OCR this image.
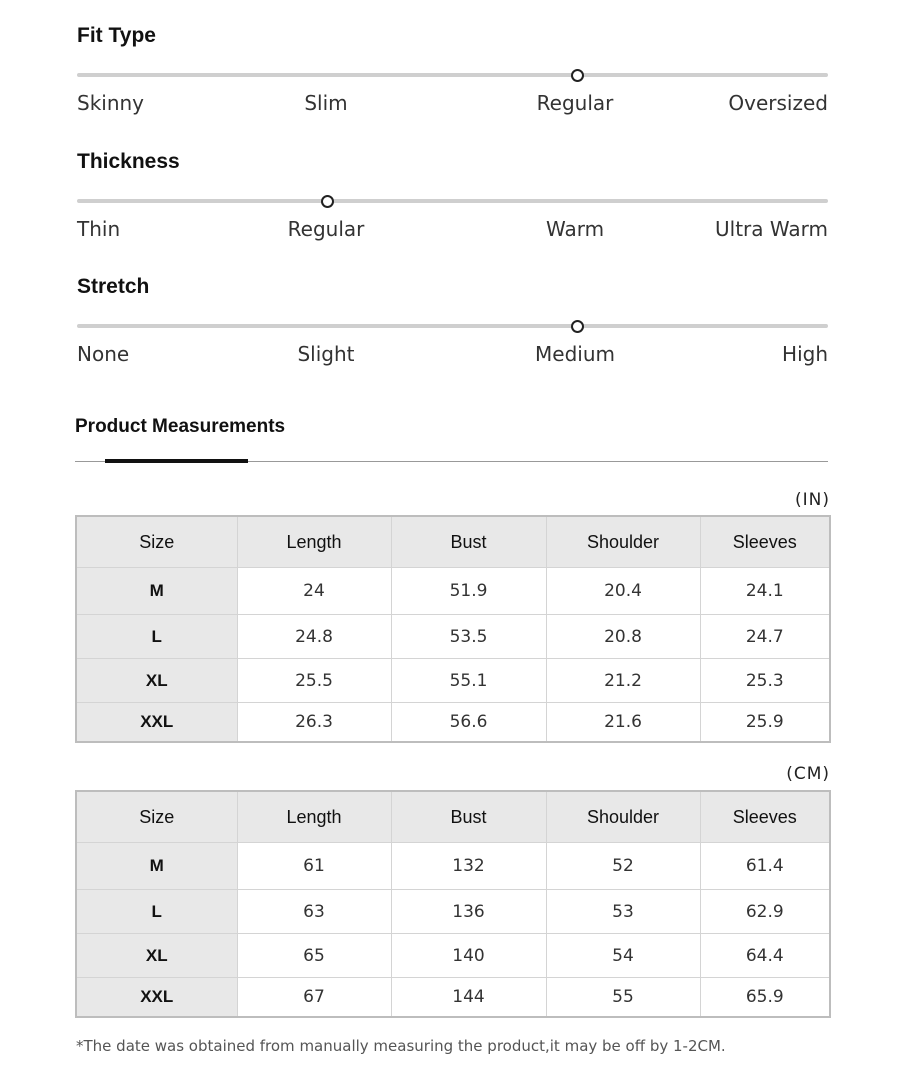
Fit Type
Skinny	Slim	Regular	Oversized
Thickness
Thin	Regular	Warm	Ultra Warm
Stretch
None	Slight	Medium	High
Product Measurements
(IN)
Size	Length	Bust	Shoulder	Sleeves
M	24	51.9	20.4	24.1
L	24.8	53.5	20.8	24.7
XL	25.5	55.1	21.2	25.3
XXL	26.3	56.6	21.6	25.9
(CM)
Size	Length	Bust	Shoulder	Sleeves
M	61	132	52	61.4
L	63	136	53	62.9
XL	65	140	54	64.4
XXL	67	144	55	65.9
*The date was obtained from manually measuring the product,it may be off by 1-2CM.
